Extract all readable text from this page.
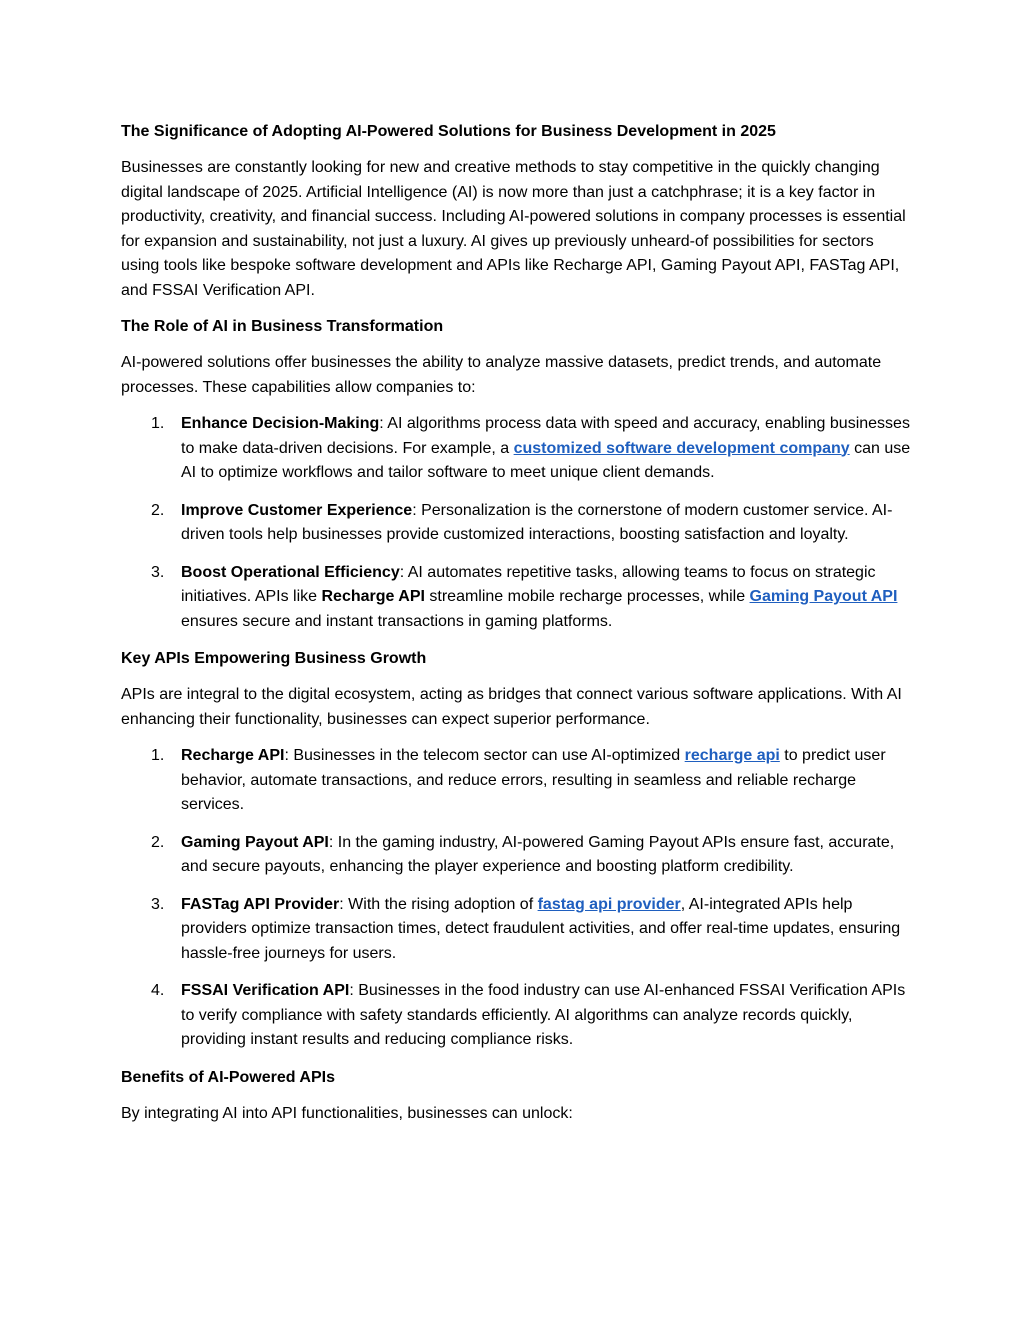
The Significance of Adopting AI-Powered Solutions for Business Development in 2025

Businesses are constantly looking for new and creative methods to stay competitive in the quickly changing digital landscape of 2025. Artificial Intelligence (AI) is now more than just a catchphrase; it is a key factor in productivity, creativity, and financial success. Including AI-powered solutions in company processes is essential for expansion and sustainability, not just a luxury. AI gives up previously unheard-of possibilities for sectors using tools like bespoke software development and APIs like Recharge API, Gaming Payout API, FASTag API, and FSSAI Verification API.

The Role of AI in Business Transformation

AI-powered solutions offer businesses the ability to analyze massive datasets, predict trends, and automate processes. These capabilities allow companies to:

1. Enhance Decision-Making: AI algorithms process data with speed and accuracy, enabling businesses to make data-driven decisions. For example, a customized software development company can use AI to optimize workflows and tailor software to meet unique client demands.
2. Improve Customer Experience: Personalization is the cornerstone of modern customer service. AI-driven tools help businesses provide customized interactions, boosting satisfaction and loyalty.
3. Boost Operational Efficiency: AI automates repetitive tasks, allowing teams to focus on strategic initiatives. APIs like Recharge API streamline mobile recharge processes, while Gaming Payout API ensures secure and instant transactions in gaming platforms.
Key APIs Empowering Business Growth

APIs are integral to the digital ecosystem, acting as bridges that connect various software applications. With AI enhancing their functionality, businesses can expect superior performance.

1. Recharge API: Businesses in the telecom sector can use AI-optimized recharge api to predict user behavior, automate transactions, and reduce errors, resulting in seamless and reliable recharge services.
2. Gaming Payout API: In the gaming industry, AI-powered Gaming Payout APIs ensure fast, accurate, and secure payouts, enhancing the player experience and boosting platform credibility.
3. FASTag API Provider: With the rising adoption of fastag api provider, AI-integrated APIs help providers optimize transaction times, detect fraudulent activities, and offer real-time updates, ensuring hassle-free journeys for users.
4. FSSAI Verification API: Businesses in the food industry can use AI-enhanced FSSAI Verification APIs to verify compliance with safety standards efficiently. AI algorithms can analyze records quickly, providing instant results and reducing compliance risks.
Benefits of AI-Powered APIs

By integrating AI into API functionalities, businesses can unlock:
